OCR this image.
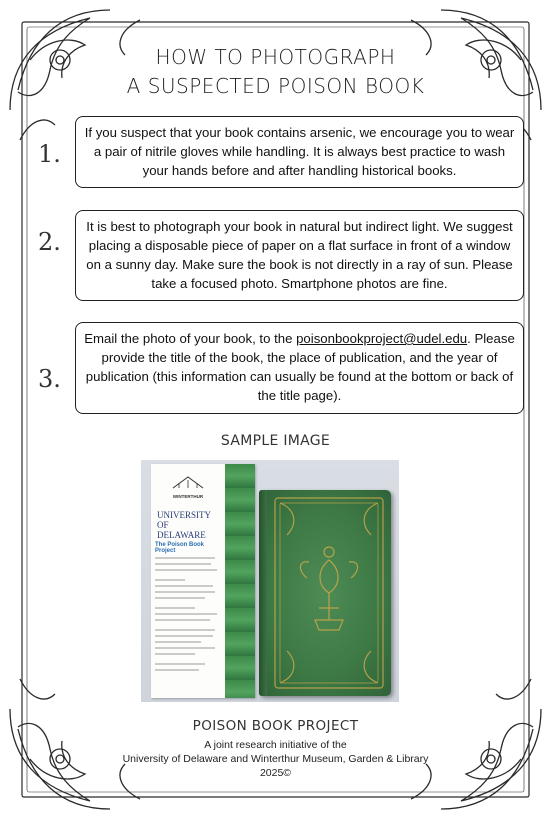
HOW TO PHOTOGRAPH
A SUSPECTED POISON BOOK
1.
If you suspect that your book contains arsenic, we encourage you to wear a pair of nitrile gloves while handling. It is always best practice to wash your hands before and after handling historical books.
2.
It is best to photograph your book in natural but indirect light. We suggest placing a disposable piece of paper on a flat surface in front of a window on a sunny day. Make sure the book is not directly in a ray of sun. Please take a focused photo. Smartphone photos are fine.
3.
Email the photo of your book, to the poisonbookproject@udel.edu. Please provide the title of the book, the place of publication, and the year of publication (this information can usually be found at the bottom or back of the title page).
SAMPLE IMAGE
WINTERTHUR
UNIVERSITY OF DELAWARE
The Poison Book Project
POISON BOOK PROJECT
A joint research initiative of the
University of Delaware and Winterthur Museum, Garden & Library
2025©
